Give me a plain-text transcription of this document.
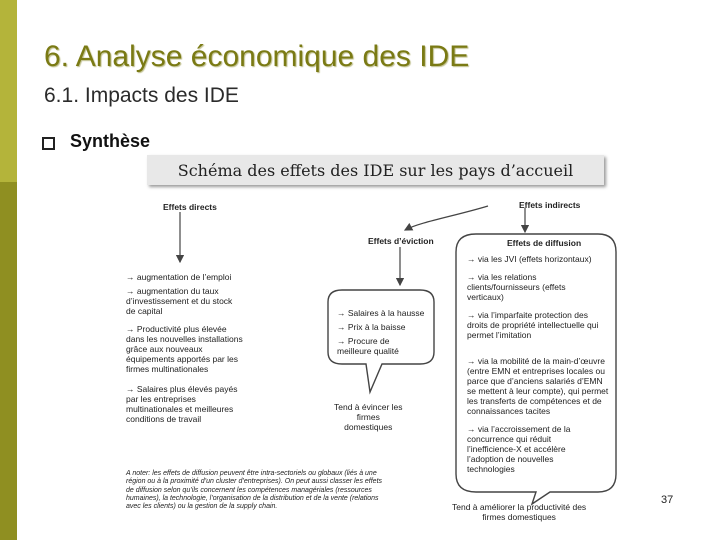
6. Analyse économique des IDE
6.1. Impacts des IDE
Synthèse
Schéma des effets des IDE sur les pays d’accueil
Effets directs
→ augmentation de l’emploi
→ augmentation du taux
d’investissement et du stock
de capital
→ Productivité plus élevée
dans les nouvelles installations
grâce aux nouveaux
équipements apportés par les
firmes multinationales
→ Salaires plus élevés payés
par les entreprises
multinationales et meilleures
conditions de travail
Effets indirects
Effets d’éviction
→ Salaires à la hausse
→ Prix à la baisse
→ Procure de
meilleure qualité
Tend à évincer les
firmes
domestiques
Effets de diffusion
→ via les JVI (effets horizontaux)
→ via les relations
clients/fournisseurs (effets
verticaux)
→ via l’imparfaite protection des
droits de propriété intellectuelle qui
permet l’imitation
→ via la mobilité de la main-d’œuvre
(entre EMN et entreprises locales ou
parce que d’anciens salariés d’EMN
se mettent à leur compte), qui permet
les transferts de compétences et de
connaissances tacites
→ via l’accroissement de la
concurrence qui réduit
l’inefficience-X et accélère
l’adoption de nouvelles
technologies
Tend à améliorer la productivité des
firmes domestiques
A noter: les effets de diffusion peuvent être intra-sectoriels ou globaux (liés à une
région ou à la proximité d’un cluster d’entreprises). On peut aussi classer les effets
de diffusion selon qu’ils concernent les compétences managériales (ressources
humaines), la technologie, l’organisation de la distribution et de la vente (relations
avec les clients) ou la gestion de la supply chain.
37
